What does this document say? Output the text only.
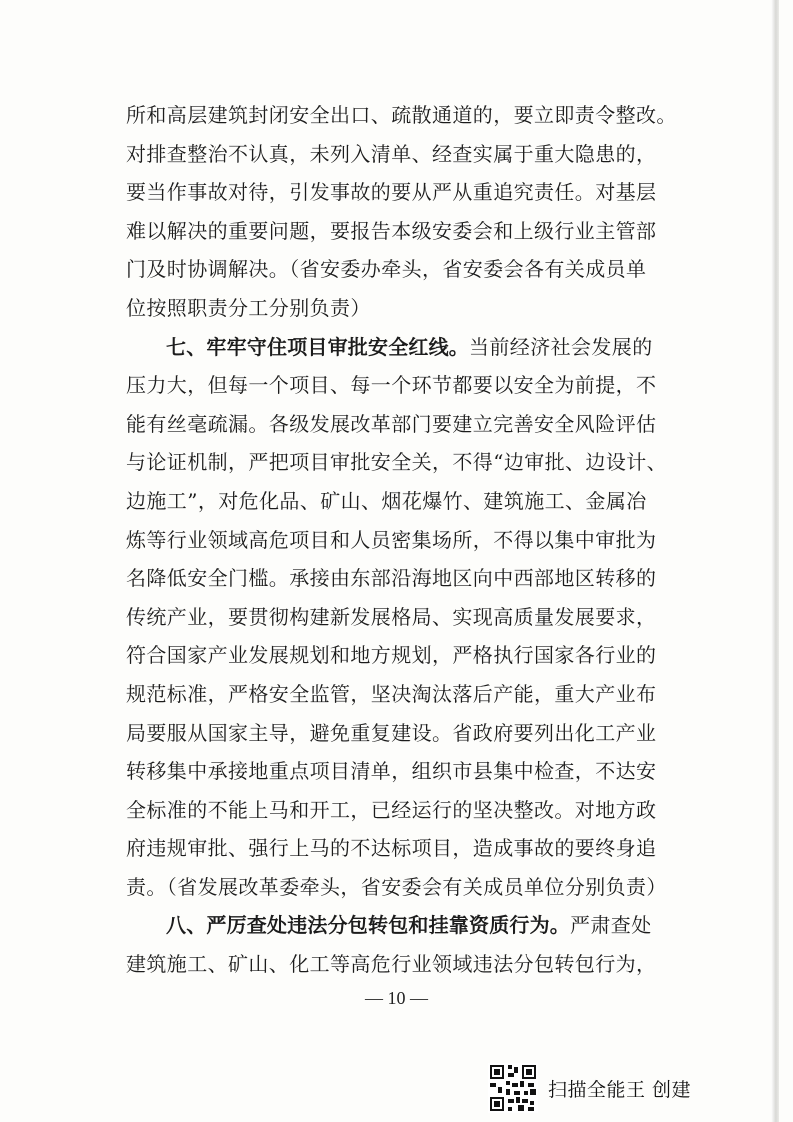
所和高层建筑封闭安全出口、疏散通道的，要立即责令整改。
对排查整治不认真，未列入清单、经查实属于重大隐患的，
要当作事故对待，引发事故的要从严从重追究责任。对基层
难以解决的重要问题，要报告本级安委会和上级行业主管部
门及时协调解决。（省安委办牵头，省安委会各有关成员单
位按照职责分工分别负责）
七、牢牢守住项目审批安全红线。当前经济社会发展的
压力大，但每一个项目、每一个环节都要以安全为前提，不
能有丝毫疏漏。各级发展改革部门要建立完善安全风险评估
与论证机制，严把项目审批安全关，不得“边审批、边设计、
边施工”，对危化品、矿山、烟花爆竹、建筑施工、金属冶
炼等行业领域高危项目和人员密集场所，不得以集中审批为
名降低安全门槛。承接由东部沿海地区向中西部地区转移的
传统产业，要贯彻构建新发展格局、实现高质量发展要求，
符合国家产业发展规划和地方规划，严格执行国家各行业的
规范标准，严格安全监管，坚决淘汰落后产能，重大产业布
局要服从国家主导，避免重复建设。省政府要列出化工产业
转移集中承接地重点项目清单，组织市县集中检查，不达安
全标准的不能上马和开工，已经运行的坚决整改。对地方政
府违规审批、强行上马的不达标项目，造成事故的要终身追
责。（省发展改革委牵头，省安委会有关成员单位分别负责）
八、严厉查处违法分包转包和挂靠资质行为。严肃查处
建筑施工、矿山、化工等高危行业领域违法分包转包行为，
— 10 —
扫描全能王 创建
